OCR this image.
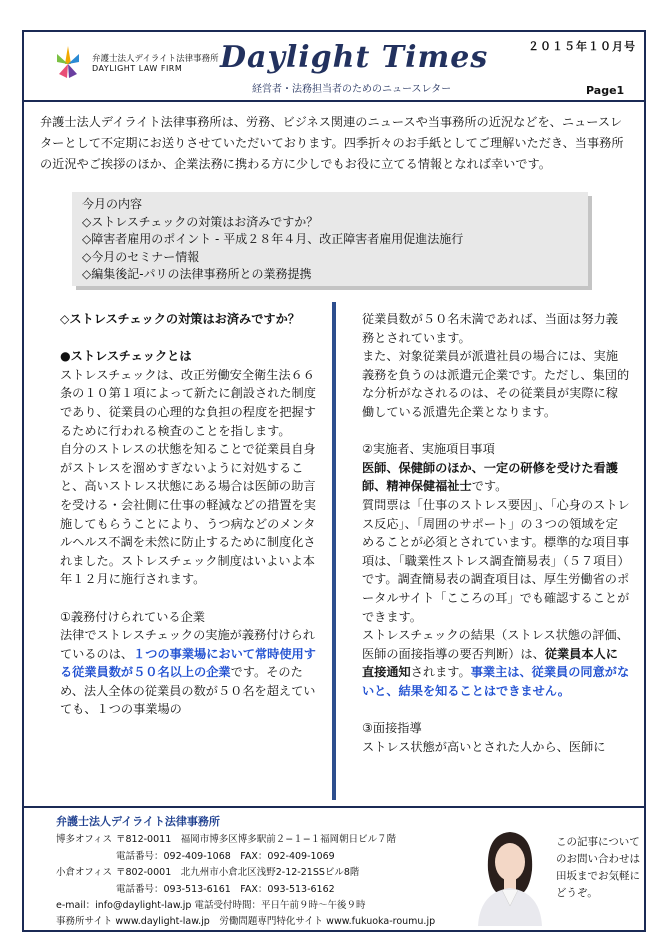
弁護士法人デイライト法律事務所
DAYLIGHT LAW FIRM Daylight Times
経営者・法務担当者のためのニュースレター
２０１５年１０月号
Page1
弁護士法人デイライト法律事務所は、労務、ビジネス関連のニュースや当事務所の近況などを、ニュースレターとして不定期にお送りさせていただいております。四季折々のお手紙としてご理解いただき、当事務所の近況やご挨拶のほか、企業法務に携わる方に少しでもお役に立てる情報となれば幸いです。
今月の内容
◇ストレスチェックの対策はお済みですか？
◇障害者雇用のポイント - 平成２８年４月、改正障害者雇用促進法施行
◇今月のセミナー情報
◇編集後記-パリの法律事務所との業務提携

◇ストレスチェックの対策はお済みですか？

●ストレスチェックとは

ストレスチェックは、改正労働安全衛生法６６条の１０第１項によって新たに創設された制度であり、従業員の心理的な負担の程度を把握するために行われる検査のことを指します。

自分のストレスの状態を知ることで従業員自身がストレスを溜めすぎないように対処すること、高いストレス状態にある場合は医師の助言を受ける・会社側に仕事の軽減などの措置を実施してもらうことにより、うつ病などのメンタルヘルス不調を未然に防止するために制度化されました。ストレスチェック制度はいよいよ本年１２月に施行されます。

①義務付けられている企業

法律でストレスチェックの実施が義務付けられているのは、１つの事業場において常時使用する従業員数が５０名以上の企業です。そのため、法人全体の従業員の数が５０名を超えていても、１つの事業場の

従業員数が５０名未満であれば、当面は努力義務とされています。

また、対象従業員が派遣社員の場合には、実施義務を負うのは派遣元企業です。ただし、集団的な分析がなされるのは、その従業員が実際に稼働している派遣先企業となります。

②実施者、実施項目事項

医師、保健師のほか、一定の研修を受けた看護師、精神保健福祉士です。

質問票は「仕事のストレス要因」、「心身のストレス反応」、「周囲のサポート」の３つの領域を定めることが必須とされています。標準的な項目事項は、「職業性ストレス調査簡易表」（５７項目）です。調査簡易表の調査項目は、厚生労働省のポータルサイト「こころの耳」でも確認することができます。

ストレスチェックの結果（ストレス状態の評価、医師の面接指導の要否判断）は、従業員本人に直接通知されます。事業主は、従業員の同意がないと、結果を知ることはできません。

③面接指導

ストレス状態が高いとされた人から、医師に

弁護士法人デイライト法律事務所
博多オフィス 〒812-0011　福岡市博多区博多駅前２−１−１福岡朝日ビル７階
電話番号：092-409-1068　FAX：092-409-1069
小倉オフィス 〒802-0001　北九州市小倉北区浅野2-12-21SSビル8階
電話番号：093-513-6161　FAX：093-513-6162
e-mail：info@daylight-law.jp 電話受付時間：平日午前９時〜午後９時
事務所サイト www.daylight-law.jp　労働問題専門特化サイト www.fukuoka-roumu.jp
この記事についてのお問い合わせは田坂までお気軽にどうぞ。
